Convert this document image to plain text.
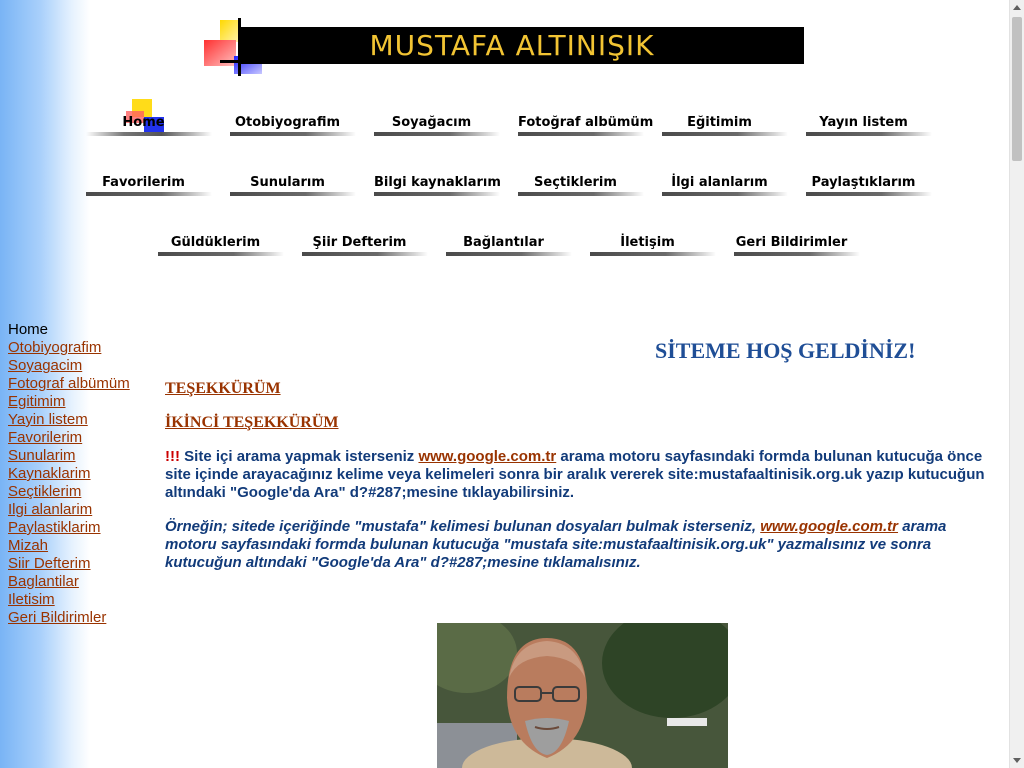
MUSTAFA ALTINIŞIK
Home	Otobiyografim	Soyağacım	Fotoğraf albümüm	Eğitimim	Yayın listem
Favorilerim	Sunularım	Bilgi kaynaklarım	Seçtiklerim	İlgi alanlarım	Paylaştıklarım
Güldüklerim	Şiir Defterim	Bağlantılar	İletişim	Geri Bildirimler
Home
Otobiyografim
Soyagacim
Fotograf albümüm
Egitimim
Yayin listem
Favorilerim
Sunularim
Kaynaklarim
Seçtiklerim
Ilgi alanlarim
Paylastiklarim
Mizah
Siir Defterim
Baglantilar
Iletisim
Geri Bildirimler
SİTEME HOŞ GELDİNİZ!
TEŞEKKÜRÜM
İKİNCİ TEŞEKKÜRÜM
!!! Site içi arama yapmak isterseniz www.google.com.tr arama motoru sayfasındaki formda bulunan kutucuğa önce site içinde arayacağınız kelime veya kelimeleri sonra bir aralık vererek site:mustafaaltinisik.org.uk yazıp kutucuğun altındaki "Google'da Ara" d?#287;mesine tıklayabilirsiniz.
Örneğin; sitede içeriğinde "mustafa" kelimesi bulunan dosyaları bulmak isterseniz, www.google.com.tr arama motoru sayfasındaki formda bulunan kutucuğa "mustafa site:mustafaaltinisik.org.uk" yazmalısınız ve sonra kutucuğun altındaki "Google'da Ara" d?#287;mesine tıklamalısınız.
